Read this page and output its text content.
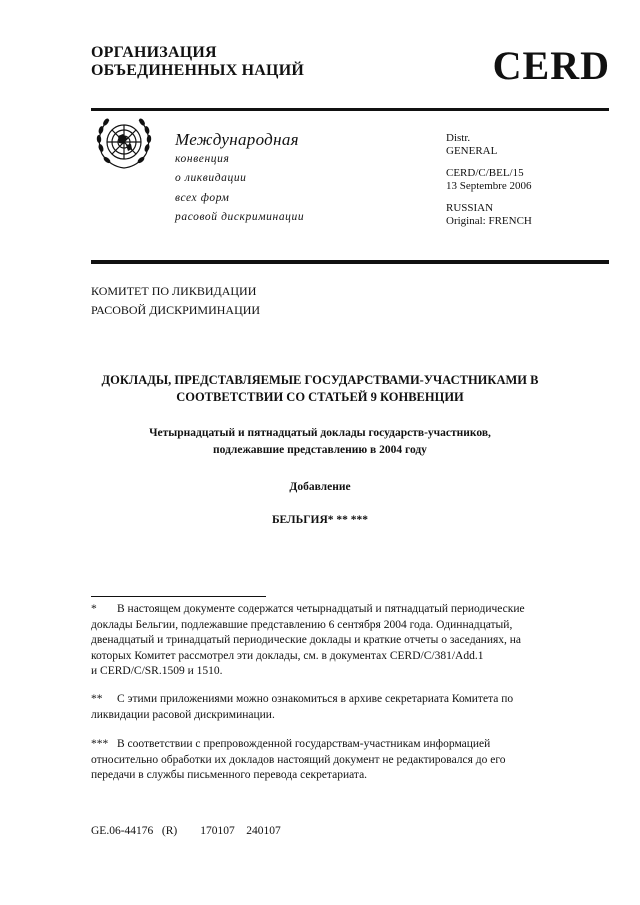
ОРГАНИЗАЦИЯ
ОБЪЕДИНЕННЫХ НАЦИЙ	CERD
Международная
конвенция
о ликвидации
всех форм
расовой дискриминации
Distr.
GENERAL
CERD/C/BEL/15
13 Septembre 2006
RUSSIAN
Original: FRENCH
КОМИТЕТ ПО ЛИКВИДАЦИИ
РАСОВОЙ ДИСКРИМИНАЦИИ
ДОКЛАДЫ, ПРЕДСТАВЛЯЕМЫЕ ГОСУДАРСТВАМИ-УЧАСТНИКАМИ В
СООТВЕТСТВИИ СО СТАТЬЕЙ 9 КОНВЕНЦИИ
Четырнадцатый и пятнадцатый доклады государств-участников,
подлежавшие представлению в 2004 году
Добавление
БЕЛЬГИЯ* ** ***
* В настоящем документе содержатся четырнадцатый и пятнадцатый периодические
доклады Бельгии, подлежавшие представлению 6 сентября 2004 года. Одиннадцатый,
двенадцатый и тринадцатый периодические доклады и краткие отчеты о заседаниях, на
которых Комитет рассмотрел эти доклады, см. в документах CERD/C/381/Add.1
и CERD/C/SR.1509 и 1510.
** С этими приложениями можно ознакомиться в архиве секретариата Комитета по
ликвидации расовой дискриминации.
*** В соответствии с препровожденной государствам-участникам информацией
относительно обработки их докладов настоящий документ не редактировался до его
передачи в службы письменного перевода секретариата.
GE.06-44176   (R)        170107    240107
